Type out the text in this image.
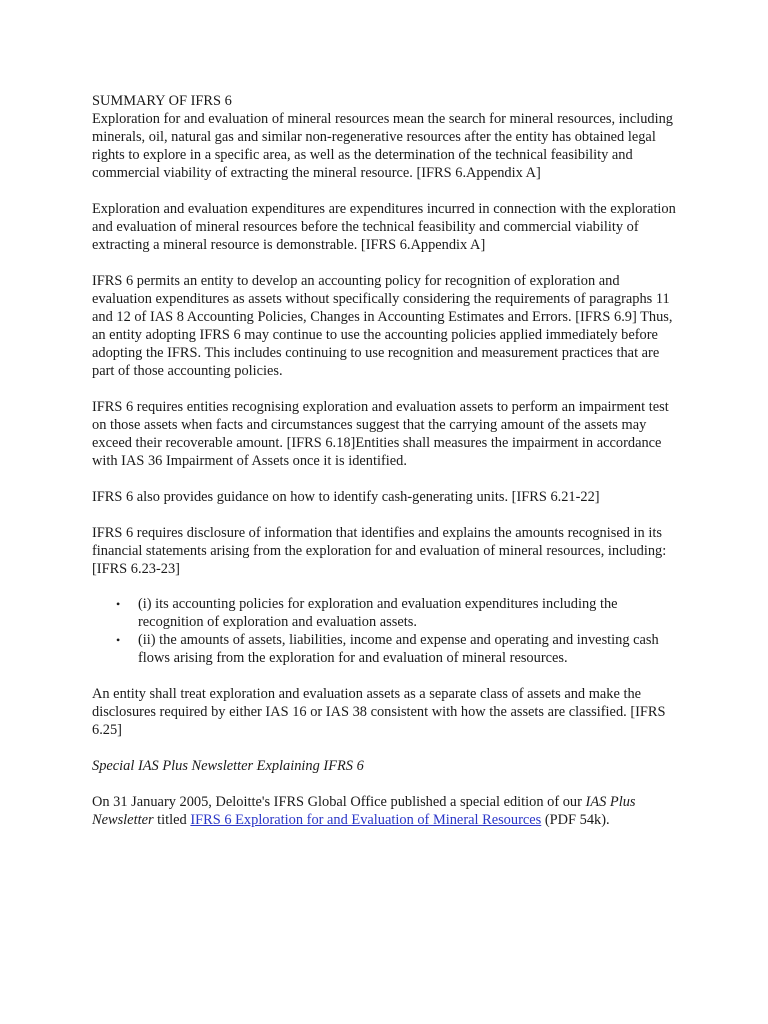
SUMMARY OF IFRS 6
Exploration for and evaluation of mineral resources mean the search for mineral resources, including minerals, oil, natural gas and similar non-regenerative resources after the entity has obtained legal rights to explore in a specific area, as well as the determination of the technical feasibility and commercial viability of extracting the mineral resource. [IFRS 6.Appendix A]

Exploration and evaluation expenditures are expenditures incurred in connection with the exploration and evaluation of mineral resources before the technical feasibility and commercial viability of extracting a mineral resource is demonstrable. [IFRS 6.Appendix A]

IFRS 6 permits an entity to develop an accounting policy for recognition of exploration and evaluation expenditures as assets without specifically considering the requirements of paragraphs 11 and 12 of IAS 8 Accounting Policies, Changes in Accounting Estimates and Errors. [IFRS 6.9] Thus, an entity adopting IFRS 6 may continue to use the accounting policies applied immediately before adopting the IFRS. This includes continuing to use recognition and measurement practices that are part of those accounting policies.

IFRS 6 requires entities recognising exploration and evaluation assets to perform an impairment test on those assets when facts and circumstances suggest that the carrying amount of the assets may exceed their recoverable amount. [IFRS 6.18]Entities shall measures the impairment in accordance with IAS 36 Impairment of Assets once it is identified.

IFRS 6 also provides guidance on how to identify cash-generating units. [IFRS 6.21-22]

IFRS 6 requires disclosure of information that identifies and explains the amounts recognised in its financial statements arising from the exploration for and evaluation of mineral resources, including: [IFRS 6.23-23]

• (i) its accounting policies for exploration and evaluation expenditures including the recognition of exploration and evaluation assets.
• (ii) the amounts of assets, liabilities, income and expense and operating and investing cash flows arising from the exploration for and evaluation of mineral resources.

An entity shall treat exploration and evaluation assets as a separate class of assets and make the disclosures required by either IAS 16 or IAS 38 consistent with how the assets are classified. [IFRS 6.25]

Special IAS Plus Newsletter Explaining IFRS 6

On 31 January 2005, Deloitte's IFRS Global Office published a special edition of our IAS Plus Newsletter titled IFRS 6 Exploration for and Evaluation of Mineral Resources (PDF 54k).
